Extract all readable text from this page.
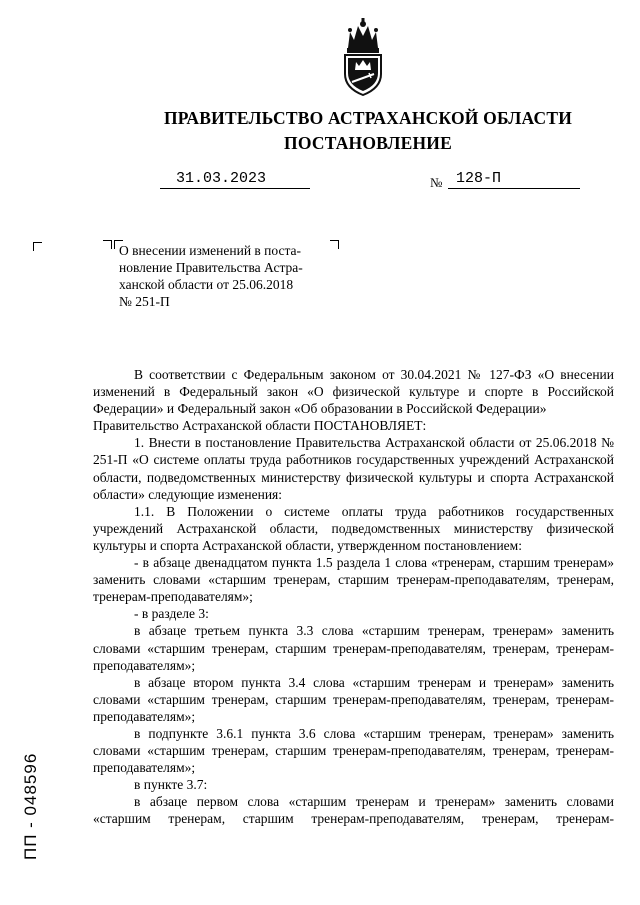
ПРАВИТЕЛЬСТВО АСТРАХАНСКОЙ ОБЛАСТИ
ПОСТАНОВЛЕНИЕ
31.03.2023	№ 128-П

О внесении изменений в поста-

новление Правительства Астра-

ханской области от 25.06.2018

№ 251-П

В соответствии с Федеральным законом от 30.04.2021 № 127-ФЗ «О внесении изменений в Федеральный закон «О физической культуре и спорте в Российской Федерации» и Федеральный закон «Об образовании в Российской Федерации»

Правительство Астраханской области ПОСТАНОВЛЯЕТ:

1. Внести в постановление Правительства Астраханской области от 25.06.2018 № 251-П «О системе оплаты труда работников государственных учреждений Астраханской области, подведомственных министерству физической культуры и спорта Астраханской области» следующие изменения:

1.1. В Положении о системе оплаты труда работников государственных учреждений Астраханской области, подведомственных министерству физической культуры и спорта Астраханской области, утвержденном постановлением:

- в абзаце двенадцатом пункта 1.5 раздела 1 слова «тренерам, старшим тренерам» заменить словами «старшим тренерам, старшим тренерам-преподавателям, тренерам, тренерам-преподавателям»;

- в разделе 3:

в абзаце третьем пункта 3.3 слова «старшим тренерам, тренерам» заменить словами «старшим тренерам, старшим тренерам-преподавателям, тренерам, тренерам-преподавателям»;

в абзаце втором пункта 3.4 слова «старшим тренерам и тренерам» заменить словами «старшим тренерам, старшим тренерам-преподавателям, тренерам, тренерам-преподавателям»;

в подпункте 3.6.1 пункта 3.6 слова «старшим тренерам, тренерам» заменить словами «старшим тренерам, старшим тренерам-преподавателям, тренерам, тренерам-преподавателям»;

в пункте 3.7:

в абзаце первом слова «старшим тренерам и тренерам» заменить словами «старшим тренерам, старшим тренерам-преподавателям, тренерам, тренерам-

ПП - 048596
